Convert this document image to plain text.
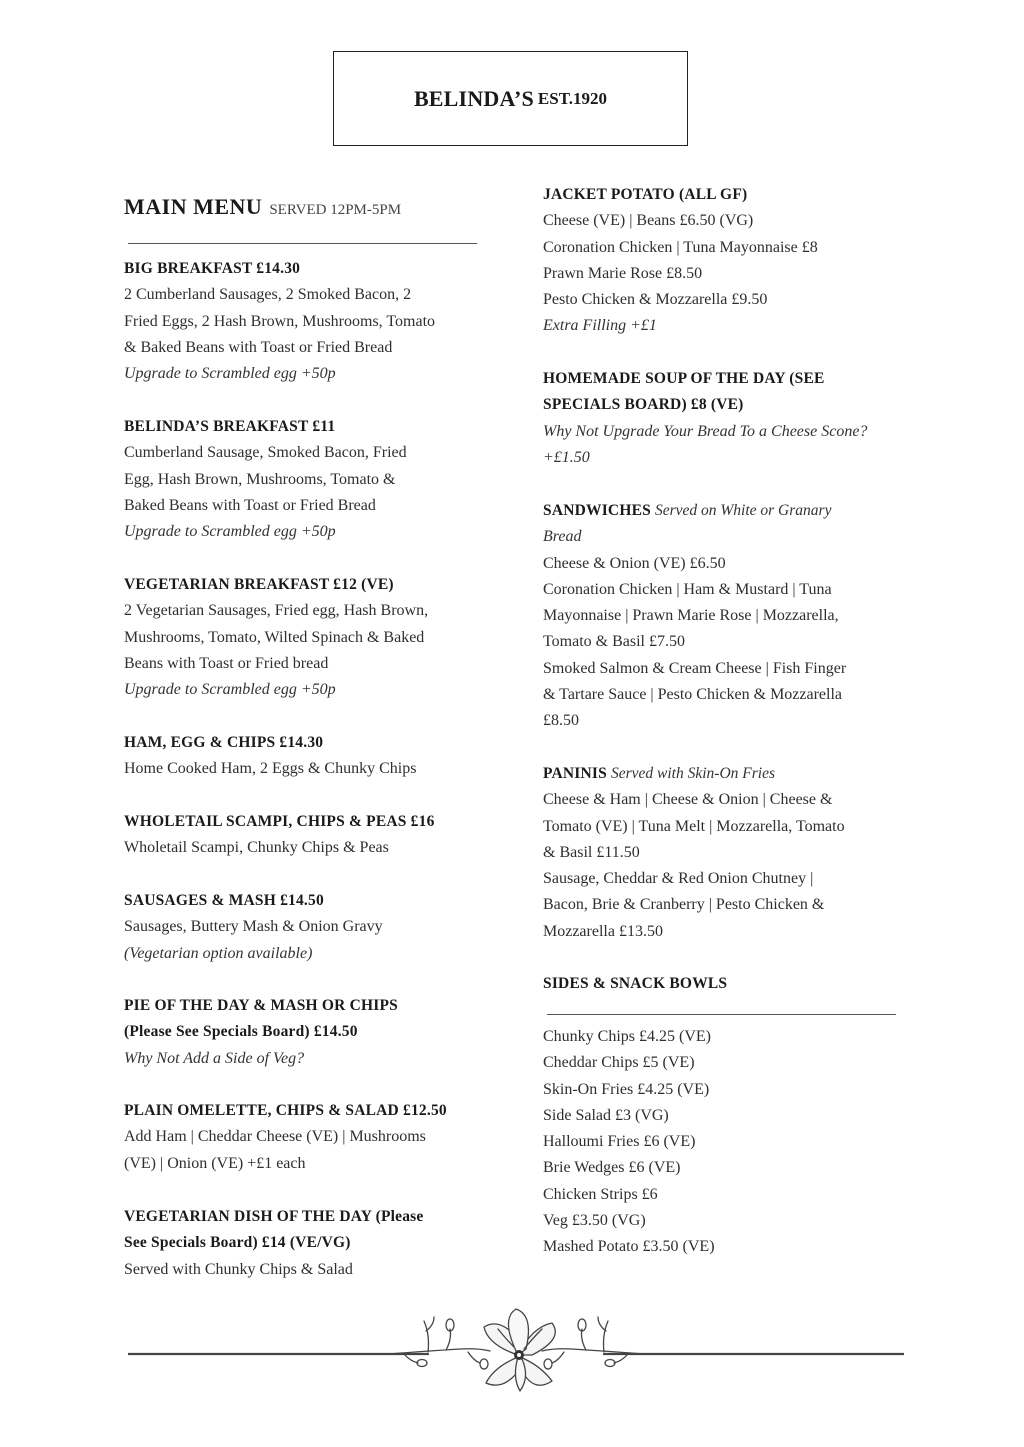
BELINDA’S EST.1920
MAIN MENU SERVED 12PM-5PM
BIG BREAKFAST £14.30
2 Cumberland Sausages, 2 Smoked Bacon, 2
Fried Eggs, 2 Hash Brown, Mushrooms, Tomato
& Baked Beans with Toast or Fried Bread
Upgrade to Scrambled egg +50p
BELINDA’S BREAKFAST £11
Cumberland Sausage, Smoked Bacon, Fried
Egg, Hash Brown, Mushrooms, Tomato &
Baked Beans with Toast or Fried Bread
Upgrade to Scrambled egg +50p
VEGETARIAN BREAKFAST £12 (VE)
2 Vegetarian Sausages, Fried egg, Hash Brown,
Mushrooms, Tomato, Wilted Spinach & Baked
Beans with Toast or Fried bread
Upgrade to Scrambled egg +50p
HAM, EGG & CHIPS £14.30
Home Cooked Ham, 2 Eggs & Chunky Chips
WHOLETAIL SCAMPI, CHIPS & PEAS £16
Wholetail Scampi, Chunky Chips & Peas
SAUSAGES & MASH £14.50
Sausages, Buttery Mash & Onion Gravy
(Vegetarian option available)
PIE OF THE DAY & MASH OR CHIPS
(Please See Specials Board) £14.50
Why Not Add a Side of Veg?
PLAIN OMELETTE, CHIPS & SALAD £12.50
Add Ham | Cheddar Cheese (VE) | Mushrooms
(VE) | Onion (VE) +£1 each
VEGETARIAN DISH OF THE DAY (Please
See Specials Board) £14 (VE/VG)
Served with Chunky Chips & Salad
JACKET POTATO (ALL GF)
Cheese (VE) | Beans £6.50 (VG)
Coronation Chicken | Tuna Mayonnaise £8
Prawn Marie Rose £8.50
Pesto Chicken & Mozzarella £9.50
Extra Filling +£1
HOMEMADE SOUP OF THE DAY (SEE
SPECIALS BOARD) £8 (VE)
Why Not Upgrade Your Bread To a Cheese Scone?
+£1.50
SANDWICHES Served on White or Granary
Bread
Cheese & Onion (VE) £6.50
Coronation Chicken | Ham & Mustard | Tuna
Mayonnaise | Prawn Marie Rose | Mozzarella,
Tomato & Basil £7.50
Smoked Salmon & Cream Cheese | Fish Finger
& Tartare Sauce | Pesto Chicken & Mozzarella
£8.50
PANINIS Served with Skin-On Fries
Cheese & Ham | Cheese & Onion | Cheese &
Tomato (VE) | Tuna Melt | Mozzarella, Tomato
& Basil £11.50
Sausage, Cheddar & Red Onion Chutney |
Bacon, Brie & Cranberry | Pesto Chicken &
Mozzarella £13.50
SIDES & SNACK BOWLS
Chunky Chips £4.25 (VE)
Cheddar Chips £5 (VE)
Skin-On Fries £4.25 (VE)
Side Salad £3 (VG)
Halloumi Fries £6 (VE)
Brie Wedges £6 (VE)
Chicken Strips £6
Veg £3.50 (VG)
Mashed Potato £3.50 (VE)
